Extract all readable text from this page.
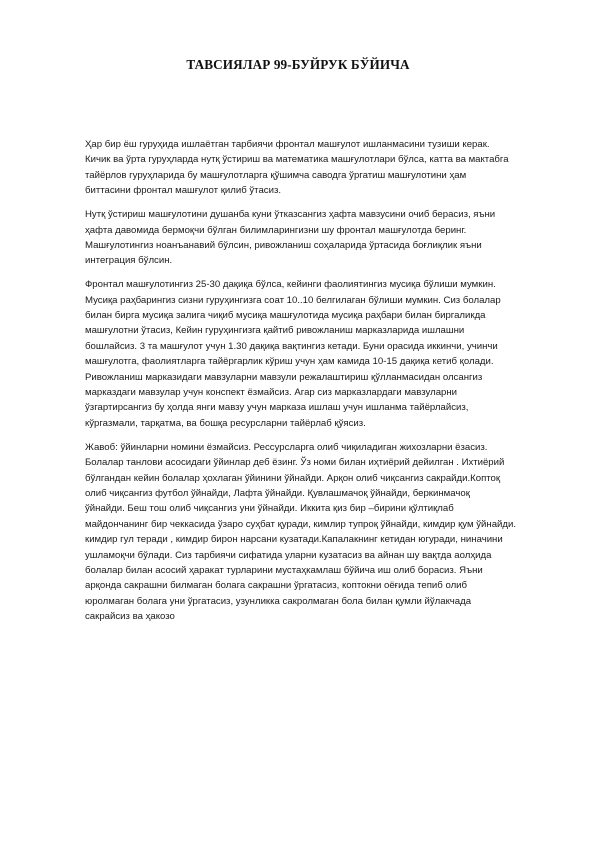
ТАВСИЯЛАР 99-БУЙРУК БЎЙИЧА
Ҳар бир ёш гуруҳида ишлаётган тарбиячи фронтал машғулот ишланмасини тузиши керак.
Кичик ва ўрта гуруҳларда нутқ ўстириш ва математика машғулотлари бўлса, катта ва мактабга
тайёрлов гуруҳларида бу машғулотларга қўшимча саводга ўргатиш машғулотини ҳам
биттасини фронтал машғулот қилиб ўтасиз.
Нутқ ўстириш машғулотини душанба куни ўтказсангиз ҳафта мавзусини очиб берасиз, яъни
ҳафта давомида бермоқчи бўлган билимларингизни шу фронтал машғулотда беринг.
Машғулотингиз ноанъанавий бўлсин, ривожланиш соҳаларида ўртасида боғлиқлик яъни
интеграция бўлсин.
Фронтал машғулотингиз 25-30 дақиқа бўлса, кейинги фаолиятингиз мусиқа бўлиши мумкин.
Мусиқа раҳбарингиз сизни гуруҳингизга соат 10..10 белгилаган бўлиши мумкин. Сиз болалар
билан бирга мусиқа залига чиқиб мусиқа машғулотида мусиқа раҳбари билан биргаликда
машғулотни ўтасиз, Кейин гуруҳингизга қайтиб ривожланиш марказларида ишлашни
бошлайсиз. 3 та машғулот учун 1.30 дақиқа вақтингиз кетади. Буни орасида иккинчи, учинчи
машғулотга, фаолиятларга тайёргарлик кўриш учун ҳам камида 10-15 дақиқа кетиб қолади.
Ривожланиш марказидаги мавзуларни мавзули режалаштириш қўлланмасидан олсангиз
марказдаги мавзулар учун конспект ёзмайсиз. Агар сиз марказлардаги мавзуларни
ўзгартирсангиз бу ҳолда янги мавзу учун марказа ишлаш учун ишланма тайёрлайсиз,
кўргазмали, тарқатма, ва бошқа ресурсларни тайёрлаб қўясиз.
Жавоб: ўйинларни номини ёзмайсиз. Рессурсларга олиб чиқиладиган жихозларни ёзасиз.
Болалар танлови асосидаги ўйинлар деб ёзинг. Ўз номи билан иҳтиёрий дейилган . Ихтиёрий
бўлгандан кейин болалар ҳохлаган ўйинини ўйнайди. Арқон олиб чиқсангиз сакрайди.Коптоқ
олиб чиқсангиз футбол ўйнайди, Лафта ўйнайди. Қувлашмачоқ ўйнайди, беркинмачоқ
ўйнайди. Беш тош олиб чиқсангиз уни ўйнайди. Иккита қиз бир –бирини қўлтиқлаб
майдончанинг бир чеккасида ўзаро суҳбат қуради, кимлир тупроқ ўйнайди, кимдир қум ўйнайди.
кимдир гул теради , кимдир бирон нарсани кузатади.Капалакнинг кетидан югуради, ниначини
ушламоқчи бўлади. Сиз тарбиячи сифатида уларни кузатасиз ва айнан шу вақтда аолҳида
болалар билан асосий ҳаракат турларини мустаҳкамлаш бўйича иш олиб борасиз. Яъни
арқонда сакрашни билмаган болага сакрашни ўргатасиз, коптокни оёғида тепиб олиб
юролмаган болага уни ўргатасиз, узунликка сакролмаган бола билан қумли йўлакчада
сакрайсиз ва ҳакозо
